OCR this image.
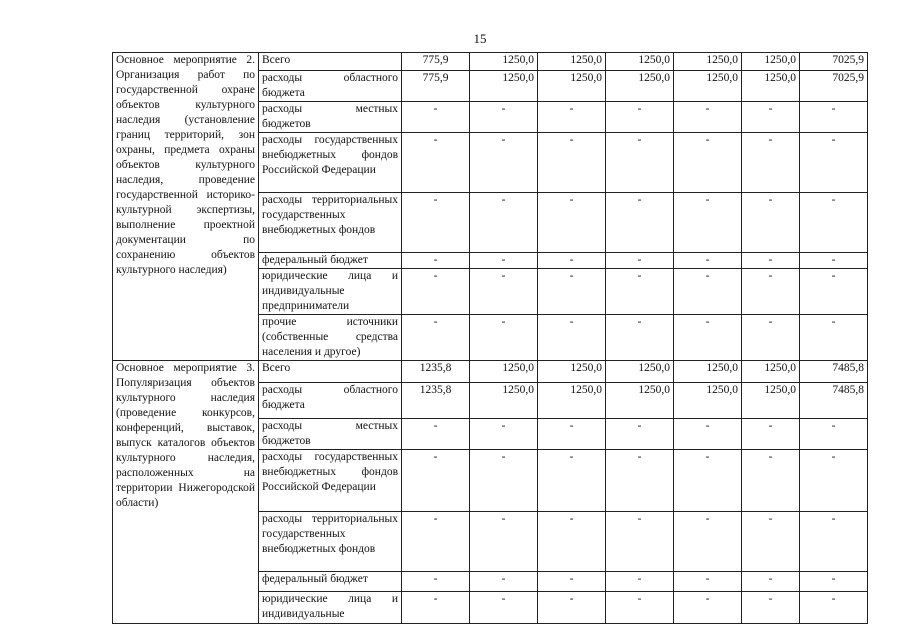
15
Основное мероприятие 2. Организация работ по государственной охране объектов культурного наследия (установление границ территорий, зон охраны, предмета охраны объектов культурного наследия, проведение государственной историко-культурной экспертизы, выполнение проектной документации по сохранению объектов культурного наследия)	Всего	775,9	1250,0	1250,0	1250,0	1250,0	1250,0	7025,9
	расходы областного бюджета	775,9	1250,0	1250,0	1250,0	1250,0	1250,0	7025,9
	расходы местных бюджетов	-	-	-	-	-	-	-
	расходы государственных внебюджетных фондов Российской Федерации	-	-	-	-	-	-	-
	расходы территориальных государственных внебюджетных фондов	-	-	-	-	-	-	-
	федеральный бюджет	-	-	-	-	-	-	-
	юридические лица и индивидуальные предприниматели	-	-	-	-	-	-	-
	прочие источники (собственные средства населения и другое)	-	-	-	-	-	-	-
Основное мероприятие 3. Популяризация объектов культурного наследия (проведение конкурсов, конференций, выставок, выпуск каталогов объектов культурного наследия, расположенных на территории Нижегородской области)	Всего	1235,8	1250,0	1250,0	1250,0	1250,0	1250,0	7485,8
	расходы областного бюджета	1235,8	1250,0	1250,0	1250,0	1250,0	1250,0	7485,8
	расходы местных бюджетов	-	-	-	-	-	-	-
	расходы государственных внебюджетных фондов Российской Федерации	-	-	-	-	-	-	-
	расходы территориальных государственных внебюджетных фондов	-	-	-	-	-	-	-
	федеральный бюджет	-	-	-	-	-	-	-
	юридические лица и индивидуальные	-	-	-	-	-	-	-
